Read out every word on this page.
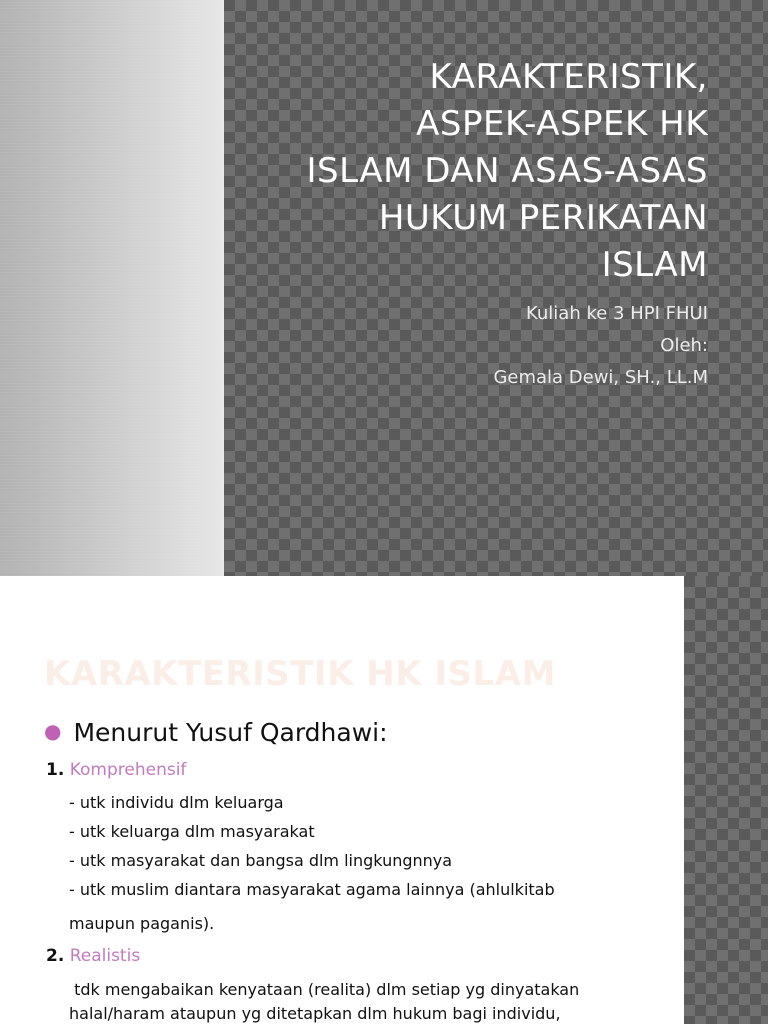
KARAKTERISTIK,
ASPEK-ASPEK HK
ISLAM DAN ASAS-ASAS
HUKUM PERIKATAN
ISLAM
Kuliah ke 3 HPI FHUI
Oleh:
Gemala Dewi, SH., LL.M
KARAKTERISTIK HK ISLAM
● Menurut Yusuf Qardhawi:
1. Komprehensif
- utk individu dlm keluarga
- utk keluarga dlm masyarakat
- utk masyarakat dan bangsa dlm lingkungnnya
- utk muslim diantara masyarakat agama lainnya (ahlulkitab
maupun paganis).
2. Realistis
tdk mengabaikan kenyataan (realita) dlm setiap yg dinyatakan
halal/haram ataupun yg ditetapkan dlm hukum bagi individu,
